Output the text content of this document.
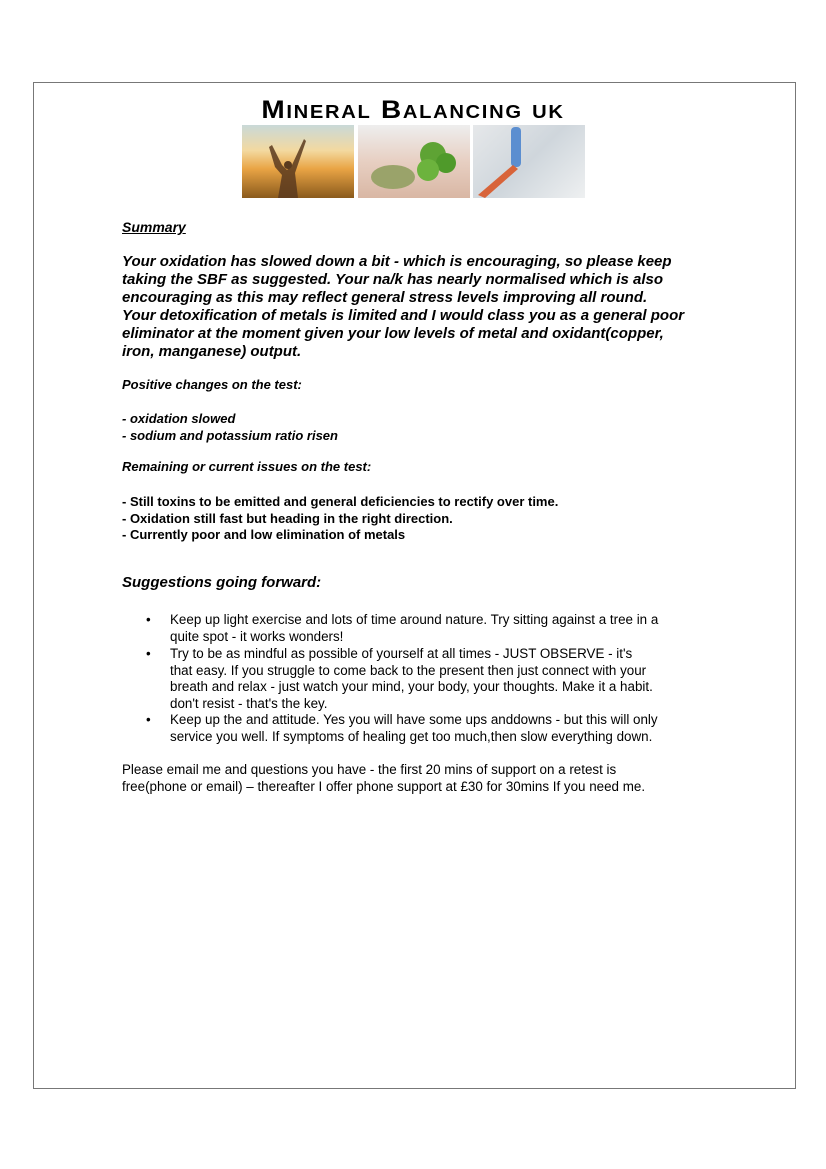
Mineral Balancing uk
Summary
Your oxidation has slowed down a bit - which is encouraging, so please keep
taking the SBF as suggested. Your na/k has nearly normalised which is also
encouraging as this may reflect general stress levels improving all round.
Your detoxification of metals is limited and I would class you as a general poor
eliminator at the moment given your low levels of metal and oxidant(copper,
iron, manganese) output.
Positive changes on the test:
- oxidation slowed
- sodium and potassium ratio risen
Remaining or current issues on the test:
- Still toxins to be emitted and general deficiencies to rectify over time.
- Oxidation still fast but heading in the right direction.
- Currently poor and low elimination of metals
Suggestions going forward:
• Keep up light exercise and lots of time around nature. Try sitting against a tree in a
quite spot - it works wonders!
• Try to be as mindful as possible of yourself at all times - JUST OBSERVE - it's
that easy. If you struggle to come back to the present then just connect with your
breath and relax - just watch your mind, your body, your thoughts. Make it a habit.
don't resist - that's the key.
• Keep up the and attitude. Yes you will have some ups anddowns - but this will only
service you well. If symptoms of healing get too much,then slow everything down.
Please email me and questions you have - the first 20 mins of support on a retest is
free(phone or email) – thereafter I offer phone support at £30 for 30mins If you need me.
